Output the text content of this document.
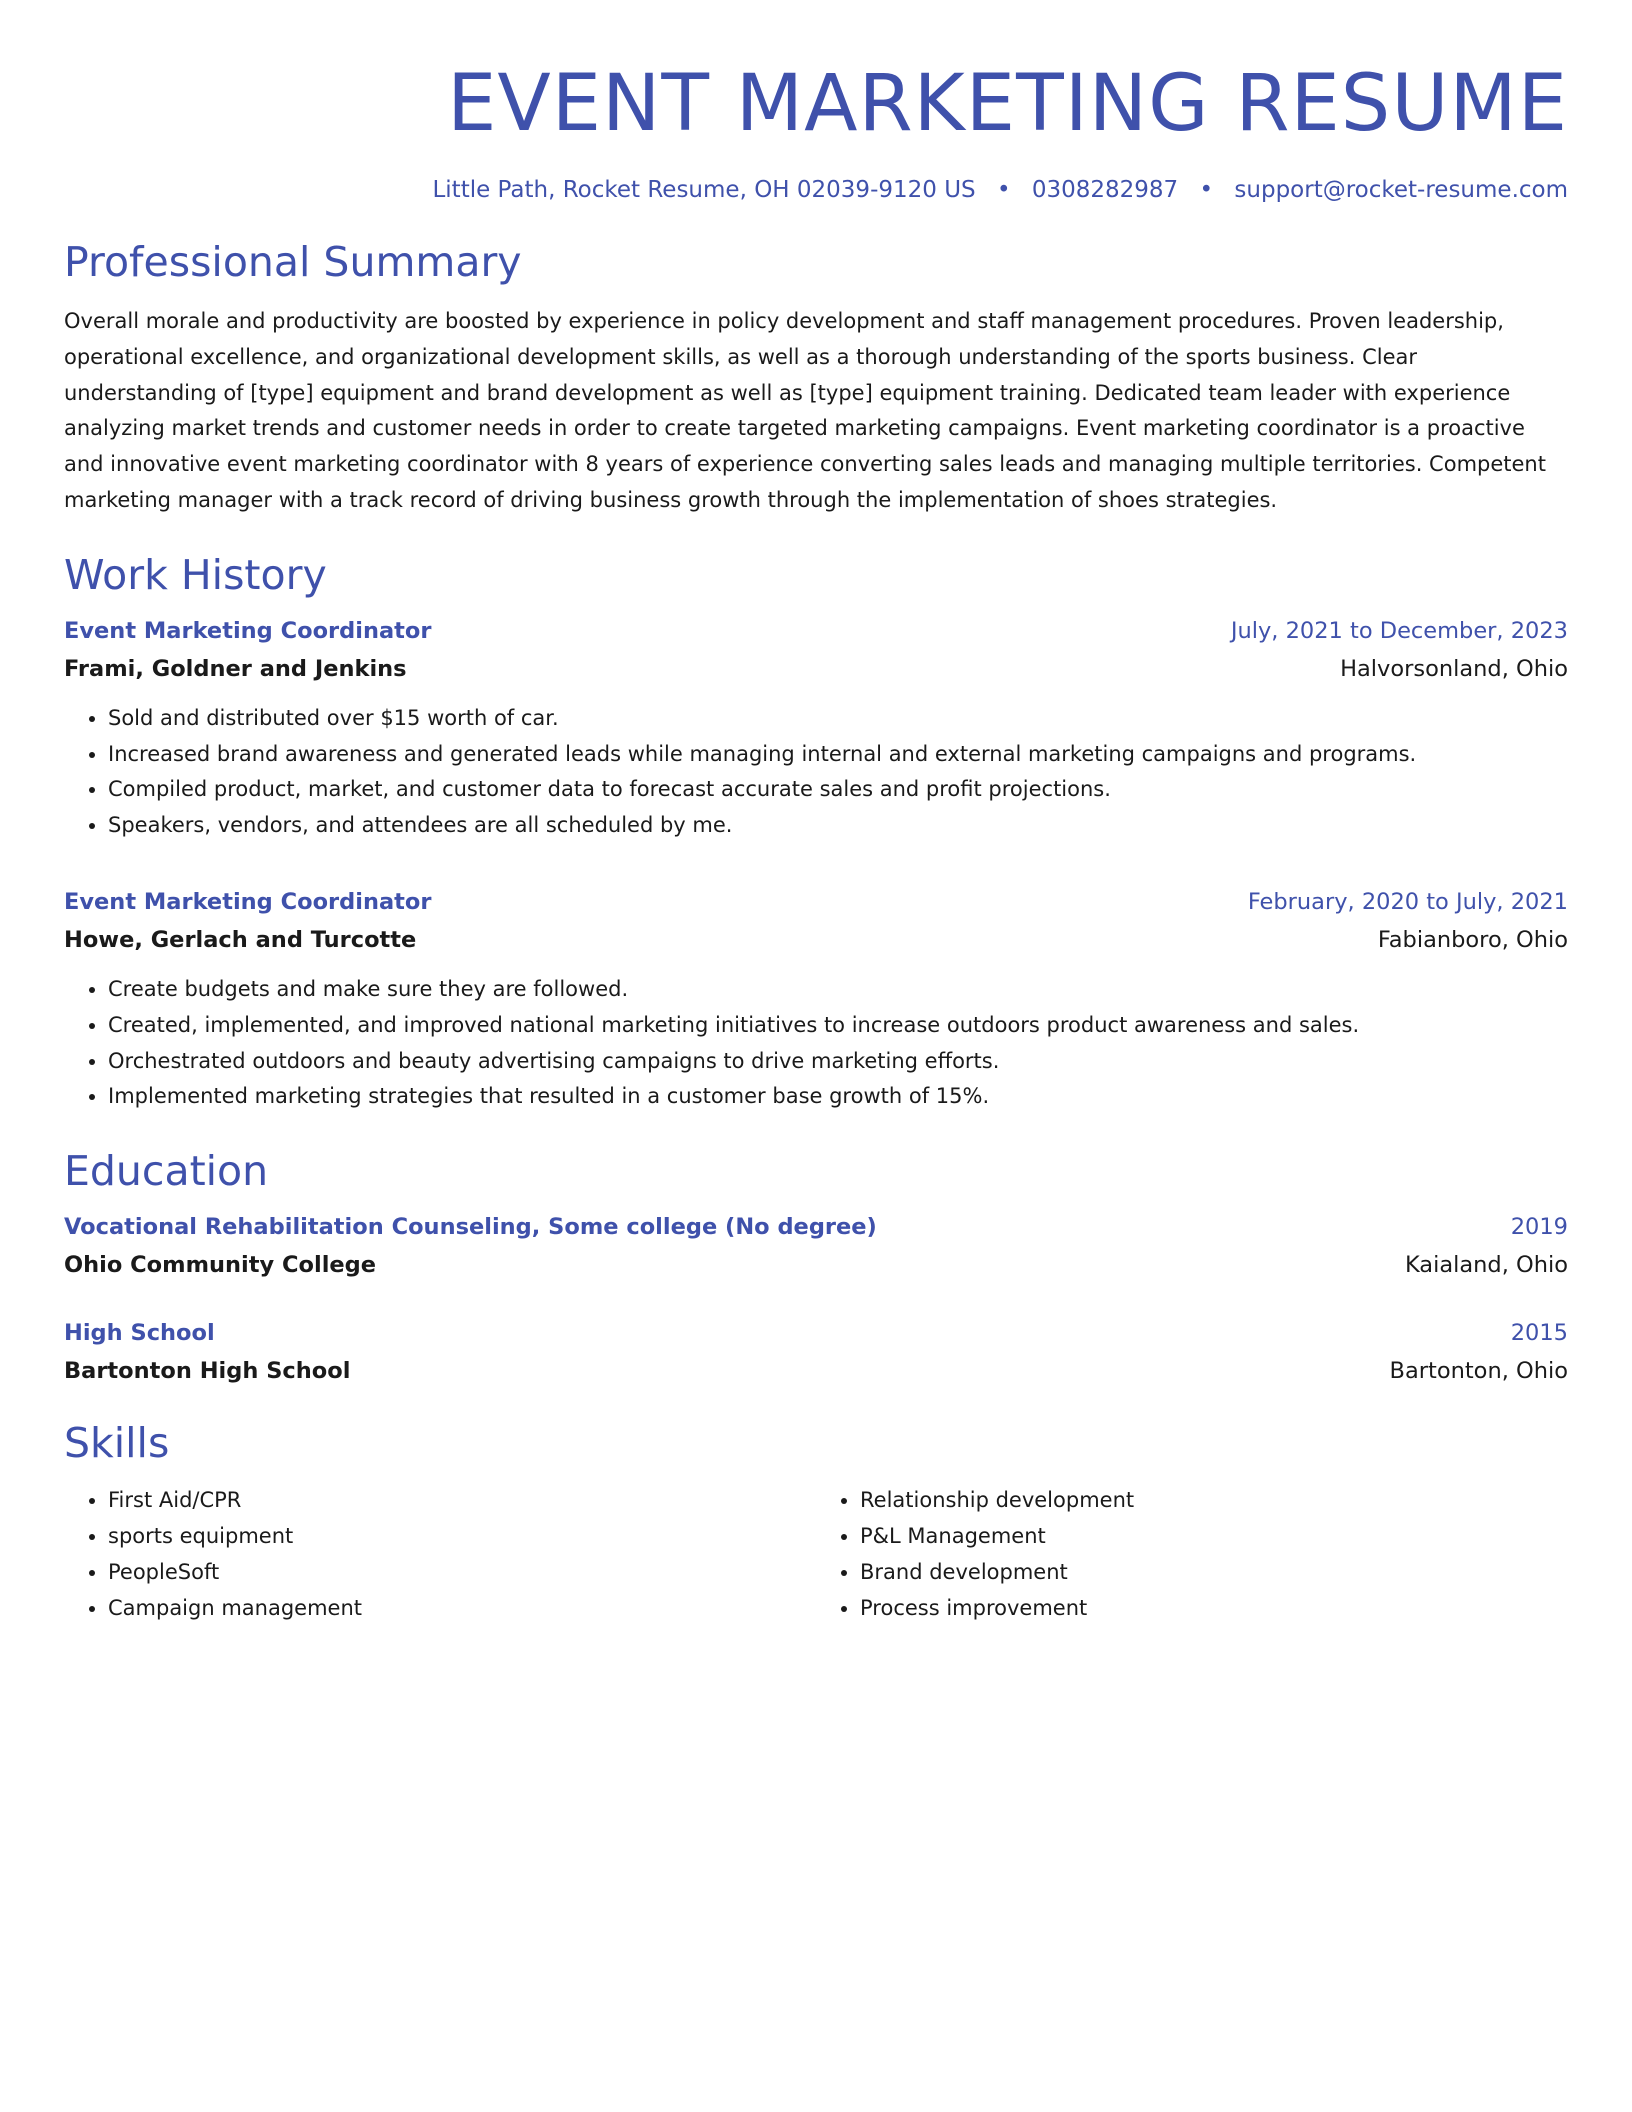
EVENT MARKETING RESUME
Little Path, Rocket Resume, OH 02039-9120 US • 0308282987 • support@rocket-resume.com
Professional Summary

Overall morale and productivity are boosted by experience in policy development and staff management procedures. Proven leadership, operational excellence, and organizational development skills, as well as a thorough understanding of the sports business. Clear understanding of [type] equipment and brand development as well as [type] equipment training. Dedicated team leader with experience analyzing market trends and customer needs in order to create targeted marketing campaigns. Event marketing coordinator is a proactive and innovative event marketing coordinator with 8 years of experience converting sales leads and managing multiple territories. Competent marketing manager with a track record of driving business growth through the implementation of shoes strategies.

Work History
Event Marketing Coordinator	July, 2021 to December, 2023
Frami, Goldner and Jenkins	Halvorsonland, Ohio
• Sold and distributed over $15 worth of car.
• Increased brand awareness and generated leads while managing internal and external marketing campaigns and programs.
• Compiled product, market, and customer data to forecast accurate sales and profit projections.
• Speakers, vendors, and attendees are all scheduled by me.
Event Marketing Coordinator	February, 2020 to July, 2021
Howe, Gerlach and Turcotte	Fabianboro, Ohio
• Create budgets and make sure they are followed.
• Created, implemented, and improved national marketing initiatives to increase outdoors product awareness and sales.
• Orchestrated outdoors and beauty advertising campaigns to drive marketing efforts.
• Implemented marketing strategies that resulted in a customer base growth of 15%.
Education
Vocational Rehabilitation Counseling, Some college (No degree)	2019
Ohio Community College	Kaialand, Ohio
High School	2015
Bartonton High School	Bartonton, Ohio
Skills
• First Aid/CPR
• sports equipment
• PeopleSoft
• Campaign management
• Relationship development
• P&L Management
• Brand development
• Process improvement
